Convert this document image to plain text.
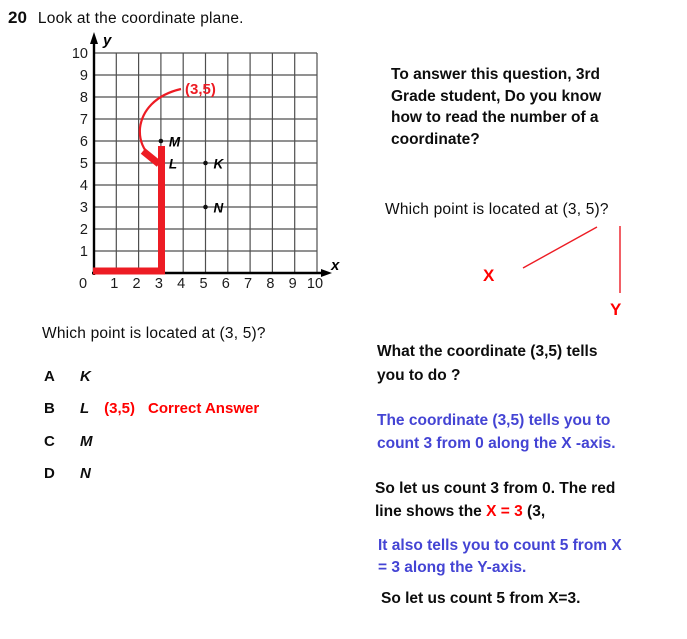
20 Look at the coordinate plane.
y
x
0 1 2 3 4 5 6 7 8 9 10
1
2
3
4
5
6
7
8
9
10
M
L	K
N
(3,5)
Which point is located at (3, 5)?
A	K
B	L (3,5) Correct Answer
C	M
D	N
To answer this question, 3rd
Grade student, Do you know
how to read the number of a
coordinate?
Which point is located at (3, 5)?
X
Y
What the coordinate (3,5) tells
you to do ?
The coordinate (3,5) tells you to
count 3 from 0 along the X -axis.
So let us count 3 from 0. The red
line shows the X = 3 (3,
It also tells you to count 5 from X
= 3 along the Y-axis.
So let us count 5 from X=3.
